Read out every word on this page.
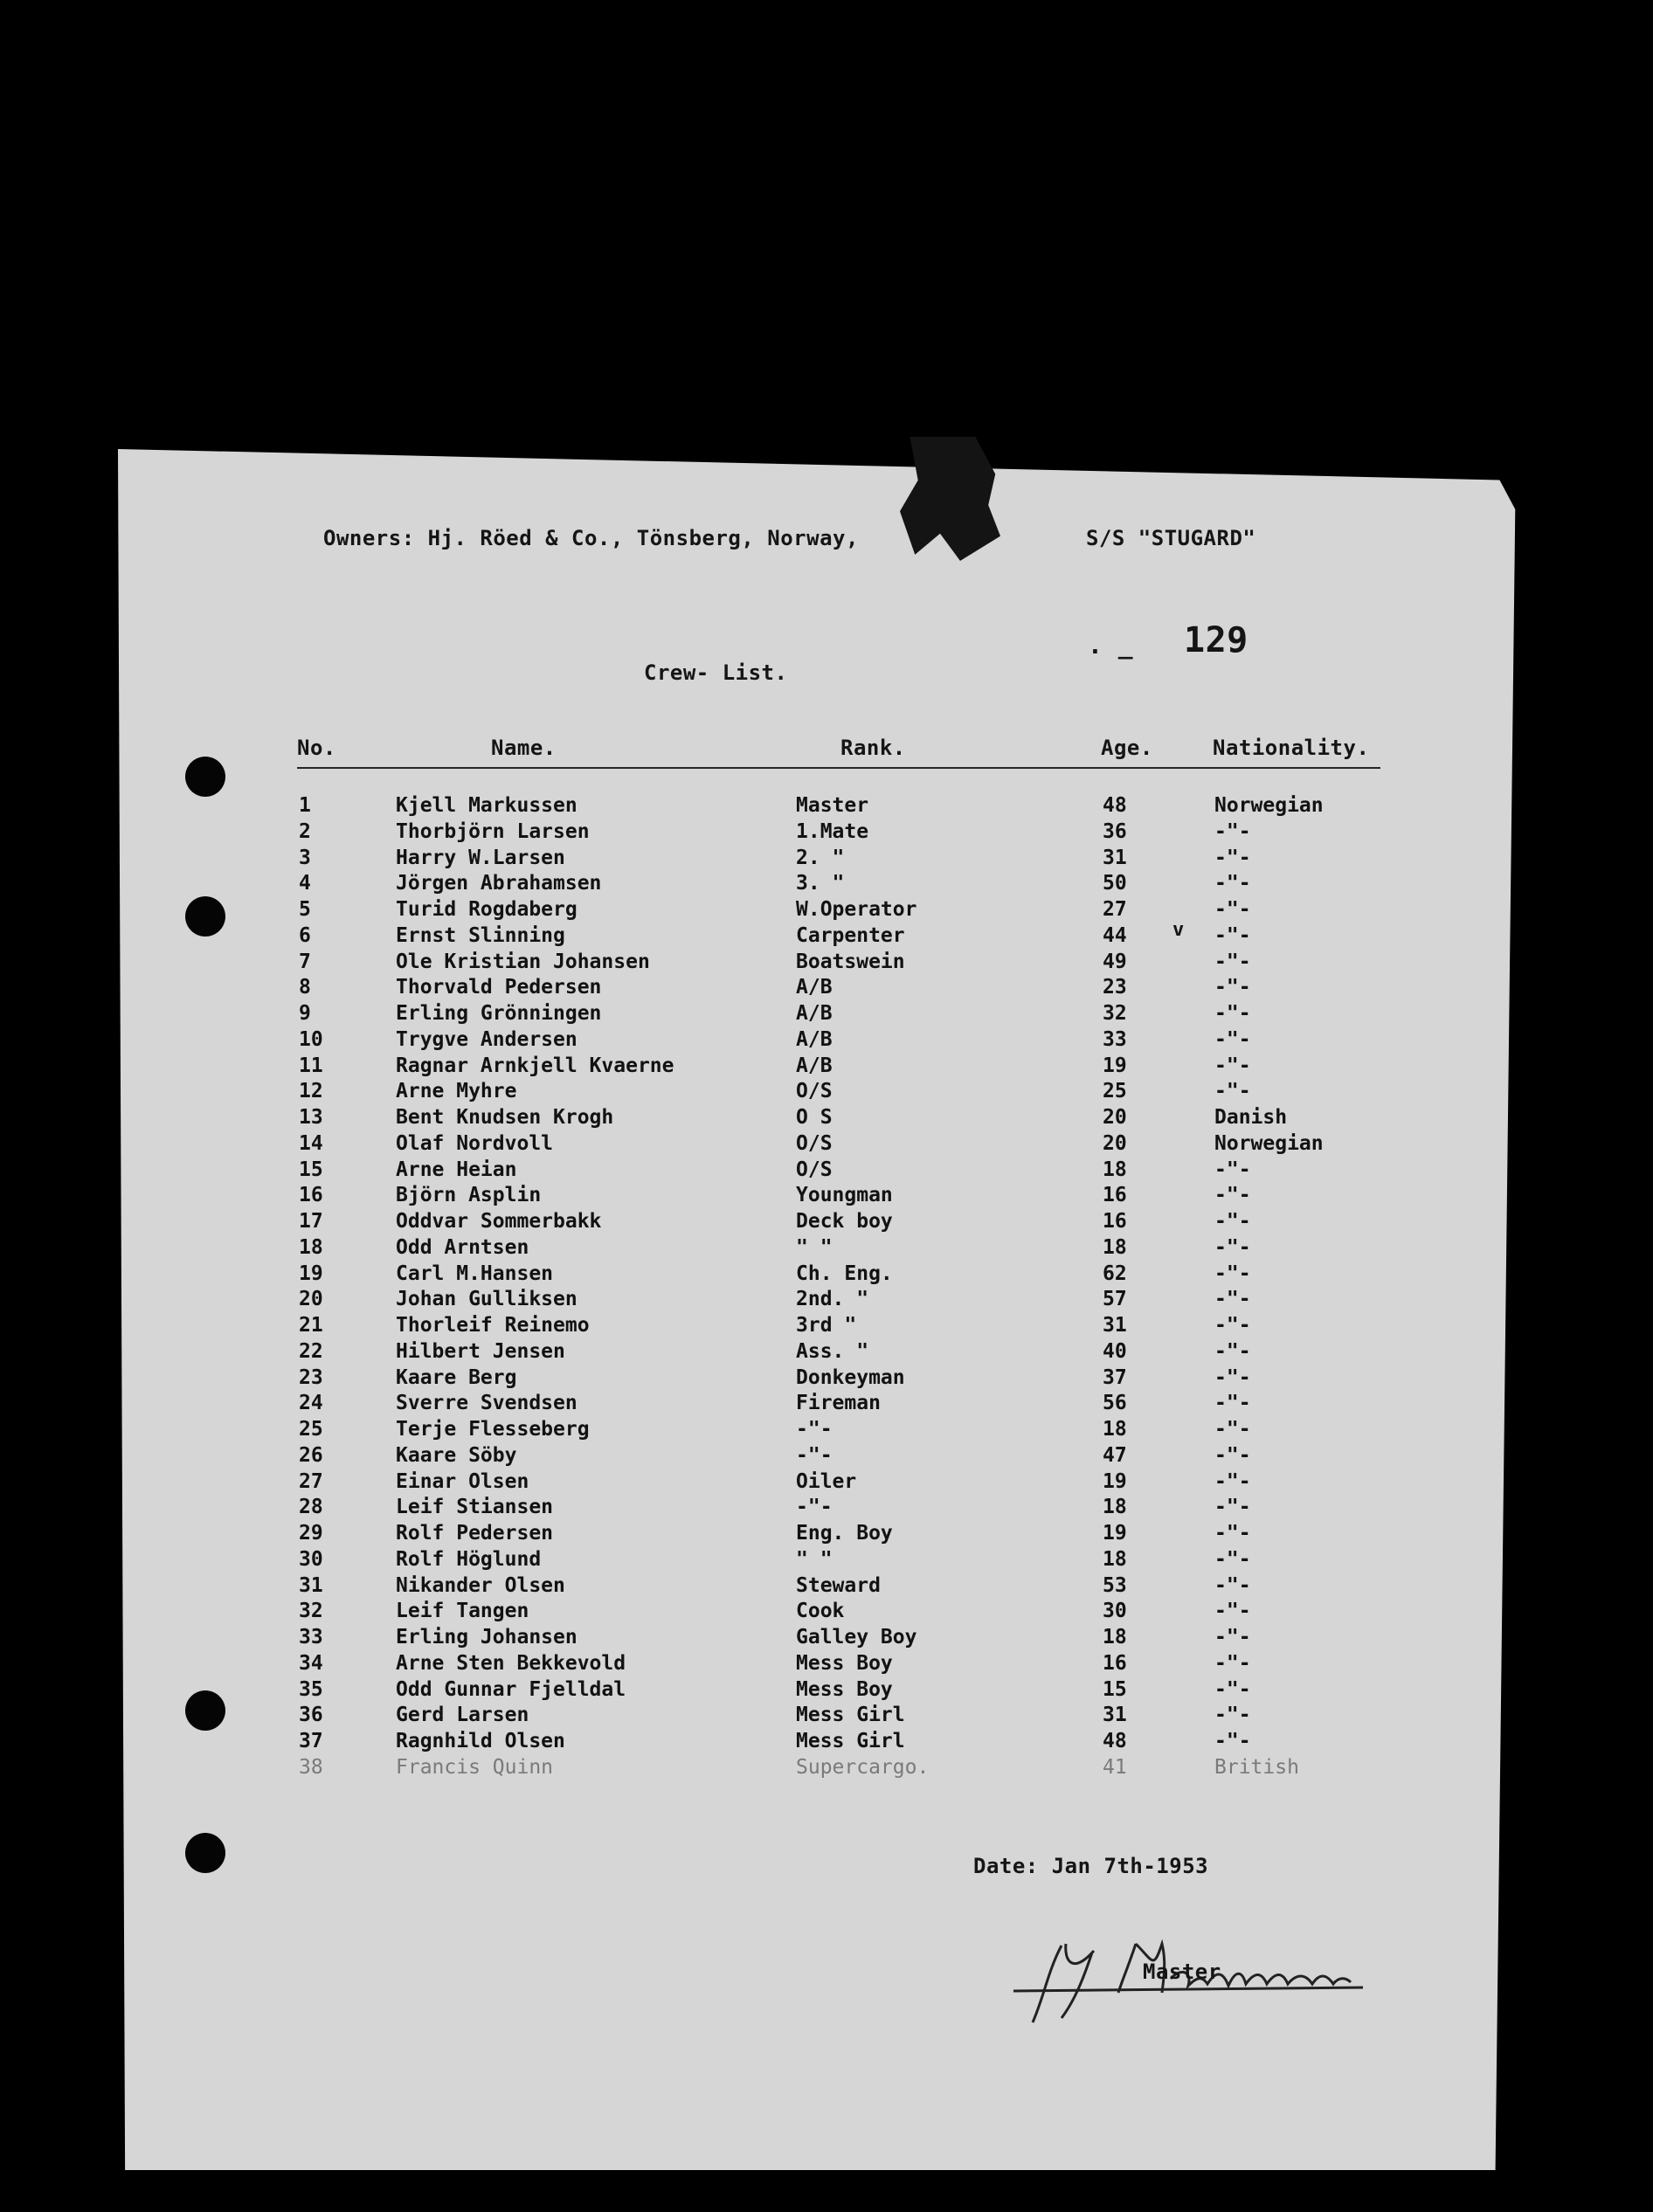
Owners: Hj. Röed & Co., Tönsberg, Norway,	S/S "STUGARD"
. _ 129
Crew- List.
No.	Name.	Rank.	Age.	Nationality.
1	Kjell Markussen	Master	48	Norwegian
2	Thorbjörn Larsen	1.Mate	36	-"-
3	Harry W.Larsen	2. "	31	-"-
4	Jörgen Abrahamsen	3. "	50	-"-
5	Turid Rogdaberg	W.Operator	27	-"-
6	Ernst Slinning	Carpenter	44	-"-
7	Ole Kristian Johansen	Boatswein	49	-"-
8	Thorvald Pedersen	A/B	23	-"-
9	Erling Grönningen	A/B	32	-"-
10	Trygve Andersen	A/B	33	-"-
11	Ragnar Arnkjell Kvaerne	A/B	19	-"-
12	Arne Myhre	O/S	25	-"-
13	Bent Knudsen Krogh	O S	20	Danish
14	Olaf Nordvoll	O/S	20	Norwegian
15	Arne Heian	O/S	18	-"-
16	Björn Asplin	Youngman	16	-"-
17	Oddvar Sommerbakk	Deck boy	16	-"-
18	Odd Arntsen	" "	18	-"-
19	Carl M.Hansen	Ch. Eng.	62	-"-
20	Johan Gulliksen	2nd. "	57	-"-
21	Thorleif Reinemo	3rd "	31	-"-
22	Hilbert Jensen	Ass. "	40	-"-
23	Kaare Berg	Donkeyman	37	-"-
24	Sverre Svendsen	Fireman	56	-"-
25	Terje Flesseberg	-"-	18	-"-
26	Kaare Söby	-"-	47	-"-
27	Einar Olsen	Oiler	19	-"-
28	Leif Stiansen	-"-	18	-"-
29	Rolf Pedersen	Eng. Boy	19	-"-
30	Rolf Höglund	" "	18	-"-
31	Nikander Olsen	Steward	53	-"-
32	Leif Tangen	Cook	30	-"-
33	Erling Johansen	Galley Boy	18	-"-
34	Arne Sten Bekkevold	Mess Boy	16	-"-
35	Odd Gunnar Fjelldal	Mess Boy	15	-"-
36	Gerd Larsen	Mess Girl	31	-"-
37	Ragnhild Olsen	Mess Girl	48	-"-
38	Francis Quinn	Supercargo.	41	British
v
Date: Jan 7th-1953
Master
